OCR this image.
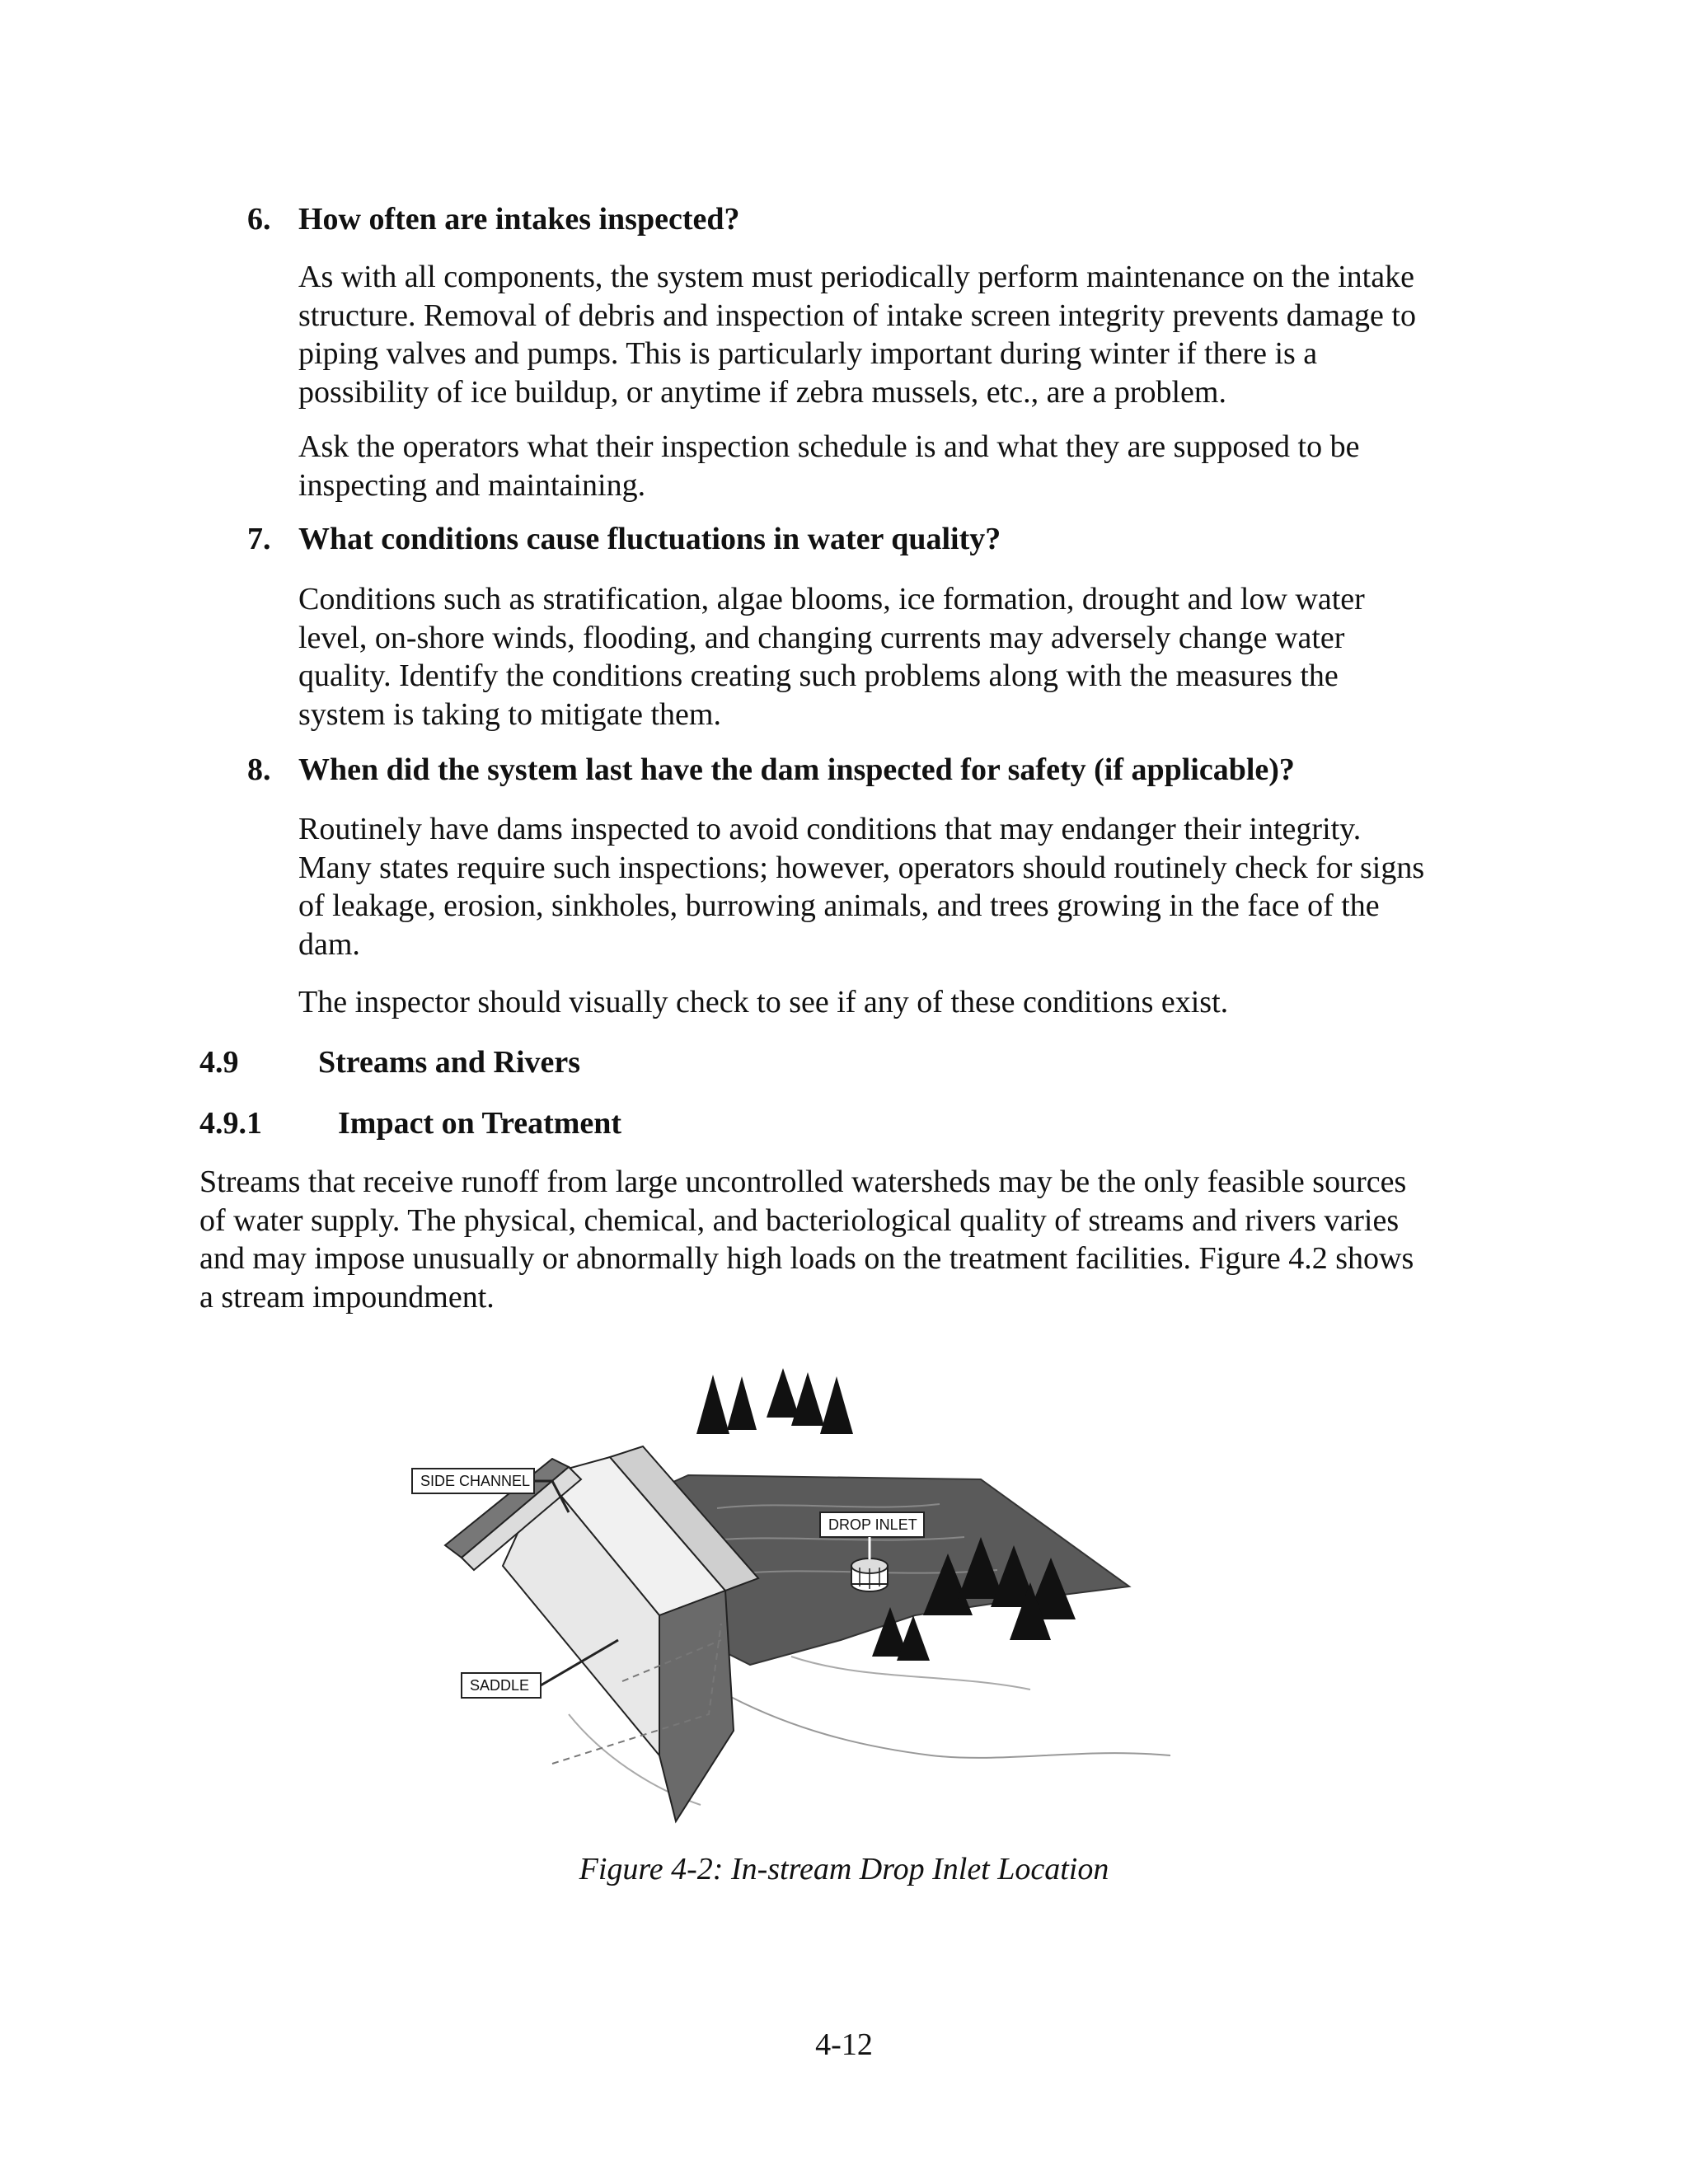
6. How often are intakes inspected?
As with all components, the system must periodically perform maintenance on the intake
structure. Removal of debris and inspection of intake screen integrity prevents damage to
piping valves and pumps. This is particularly important during winter if there is a
possibility of ice buildup, or anytime if zebra mussels, etc., are a problem.
Ask the operators what their inspection schedule is and what they are supposed to be
inspecting and maintaining.
7. What conditions cause fluctuations in water quality?
Conditions such as stratification, algae blooms, ice formation, drought and low water
level, on-shore winds, flooding, and changing currents may adversely change water
quality. Identify the conditions creating such problems along with the measures the
system is taking to mitigate them.
8. When did the system last have the dam inspected for safety (if applicable)?
Routinely have dams inspected to avoid conditions that may endanger their integrity.
Many states require such inspections; however, operators should routinely check for signs
of leakage, erosion, sinkholes, burrowing animals, and trees growing in the face of the
dam.
The inspector should visually check to see if any of these conditions exist.
4.9	Streams and Rivers
4.9.1 Impact on Treatment
Streams that receive runoff from large uncontrolled watersheds may be the only feasible sources
of water supply. The physical, chemical, and bacteriological quality of streams and rivers varies
and may impose unusually or abnormally high loads on the treatment facilities. Figure 4.2 shows
a stream impoundment.
SIDE CHANNEL
DROP INLET
SADDLE
Figure 4-2: In-stream Drop Inlet Location
4-12
